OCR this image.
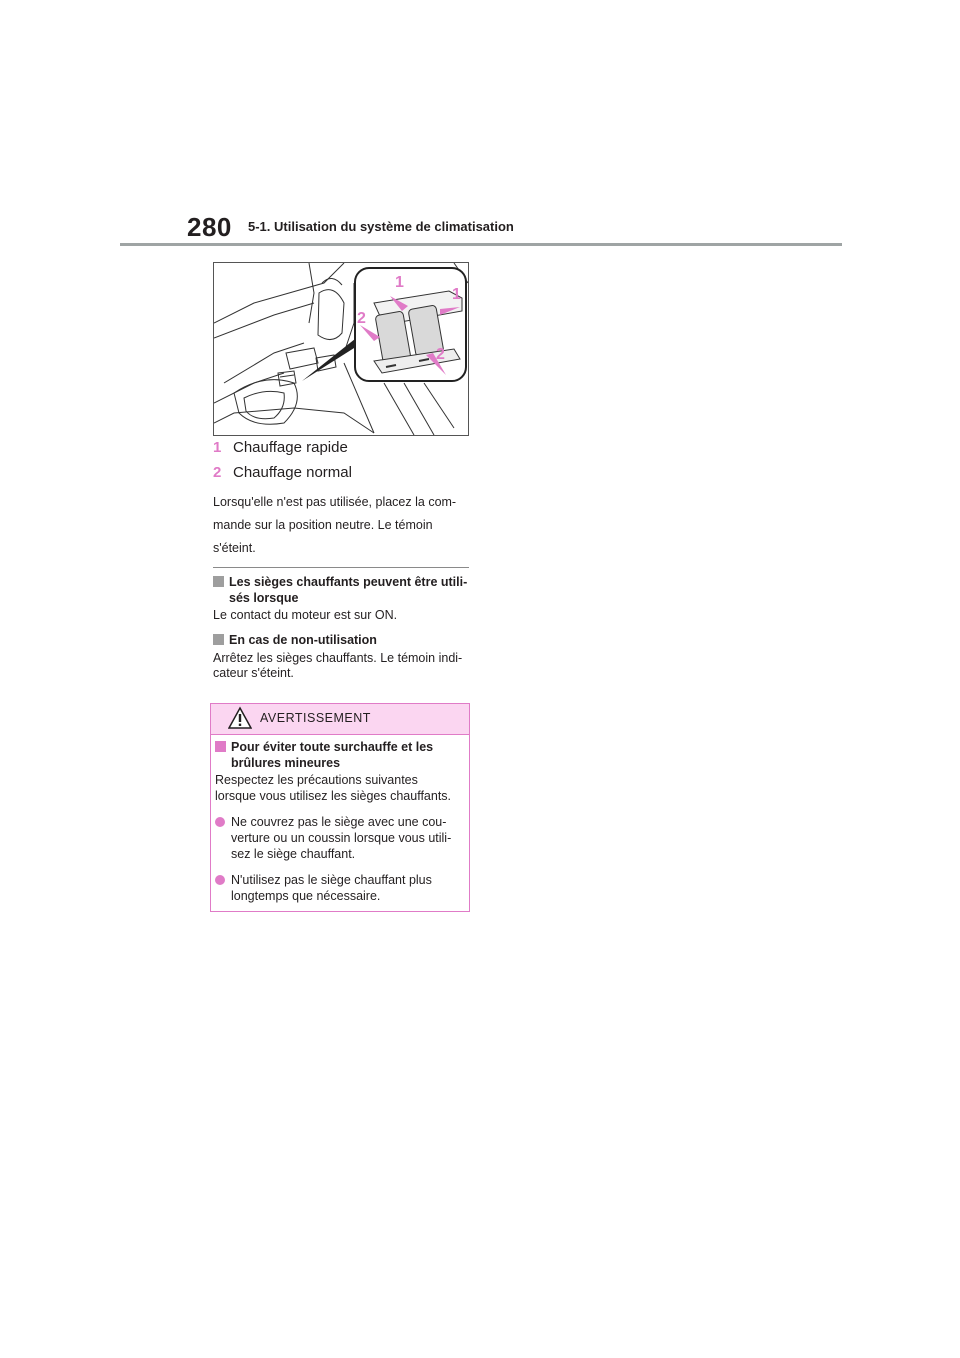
280 5-1. Utilisation du système de climatisation
1
1
2
2
1 Chauffage rapide
2 Chauffage normal
Lorsqu'elle n'est pas utilisée, placez la com-
mande sur la position neutre. Le témoin
s'éteint.
Les sièges chauffants peuvent être utili-
sés lorsque
Le contact du moteur est sur ON.
En cas de non-utilisation
Arrêtez les sièges chauffants. Le témoin indi-
cateur s'éteint.
AVERTISSEMENT
Pour éviter toute surchauffe et les
brûlures mineures
Respectez les précautions suivantes
lorsque vous utilisez les sièges chauffants.
Ne couvrez pas le siège avec une cou-
verture ou un coussin lorsque vous utili-
sez le siège chauffant.
N'utilisez pas le siège chauffant plus
longtemps que nécessaire.
